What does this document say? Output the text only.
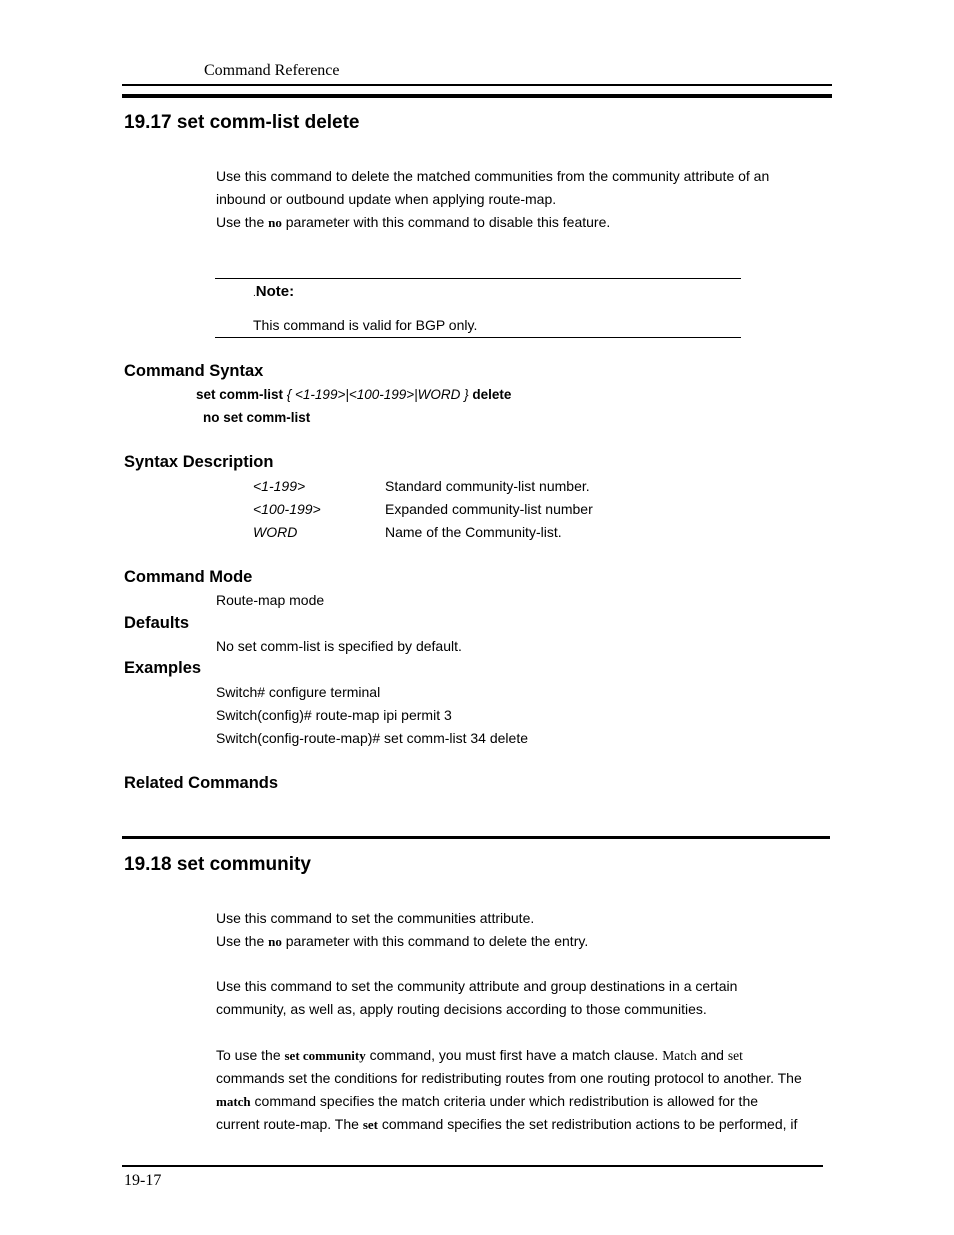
Command Reference
19.17 set comm-list delete
Use this command to delete the matched communities from the community attribute of an
inbound or outbound update when applying route-map.
Use the no parameter with this command to disable this feature.
.Note:
This command is valid for BGP only.
Command Syntax
set comm-list { <1-199>|<100-199>|WORD } delete
no set comm-list
Syntax Description
<1-199>	Standard community-list number.
<100-199>	Expanded community-list number
WORD	Name of the Community-list.
Command Mode
Route-map mode
Defaults
No set comm-list is specified by default.
Examples
Switch# configure terminal
Switch(config)# route-map ipi permit 3
Switch(config-route-map)# set comm-list 34 delete
Related Commands
19.18 set community
Use this command to set the communities attribute.
Use the no parameter with this command to delete the entry.
Use this command to set the community attribute and group destinations in a certain
community, as well as, apply routing decisions according to those communities.
To use the set community command, you must first have a match clause. Match and set
commands set the conditions for redistributing routes from one routing protocol to another. The
match command specifies the match criteria under which redistribution is allowed for the
current route-map. The set command specifies the set redistribution actions to be performed, if
19-17
